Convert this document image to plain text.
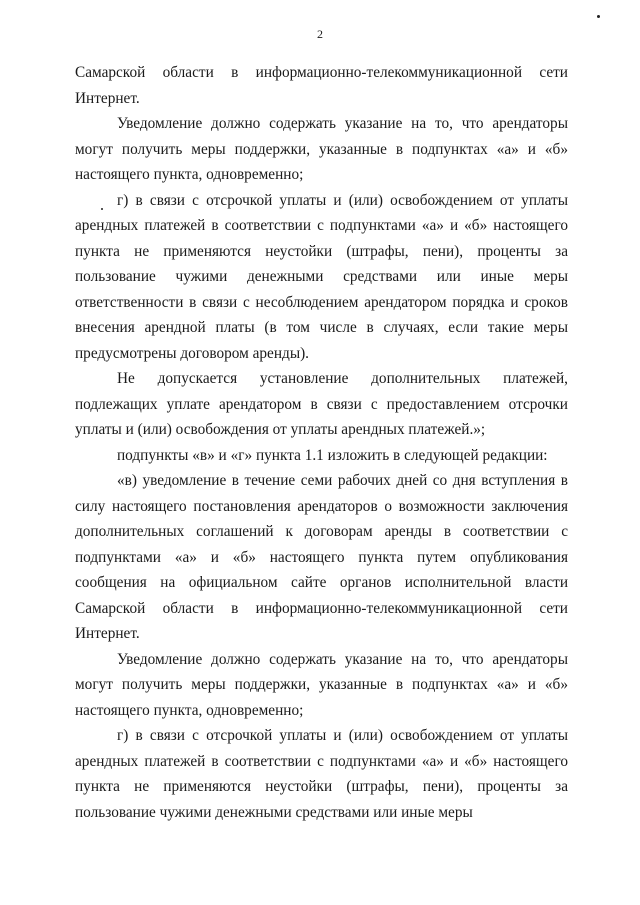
2

Самарской области в информационно-телекоммуникационной сети Интернет.

Уведомление должно содержать указание на то, что арендаторы могут получить меры поддержки, указанные в подпунктах «а» и «б» настоящего пункта, одновременно;

г) в связи с отсрочкой уплаты и (или) освобождением от уплаты арендных платежей в соответствии с подпунктами «а» и «б» настоящего пункта не применяются неустойки (штрафы, пени), проценты за пользование чужими денежными средствами или иные меры ответственности в связи с несоблюдением арендатором порядка и сроков внесения арендной платы (в том числе в случаях, если такие меры предусмотрены договором аренды).

Не допускается установление дополнительных платежей, подлежащих уплате арендатором в связи с предоставлением отсрочки уплаты и (или) освобождения от уплаты арендных платежей.»;

подпункты «в» и «г» пункта 1.1 изложить в следующей редакции:

«в) уведомление в течение семи рабочих дней со дня вступления в силу настоящего постановления арендаторов о возможности заключения дополнительных соглашений к договорам аренды в соответствии с подпунктами «а» и «б» настоящего пункта путем опубликования сообщения на официальном сайте органов исполнительной власти Самарской области в информационно-телекоммуникационной сети Интернет.

Уведомление должно содержать указание на то, что арендаторы могут получить меры поддержки, указанные в подпунктах «а» и «б» настоящего пункта, одновременно;

г) в связи с отсрочкой уплаты и (или) освобождением от уплаты арендных платежей в соответствии с подпунктами «а» и «б» настоящего пункта не применяются неустойки (штрафы, пени), проценты за пользование чужими денежными средствами или иные меры
